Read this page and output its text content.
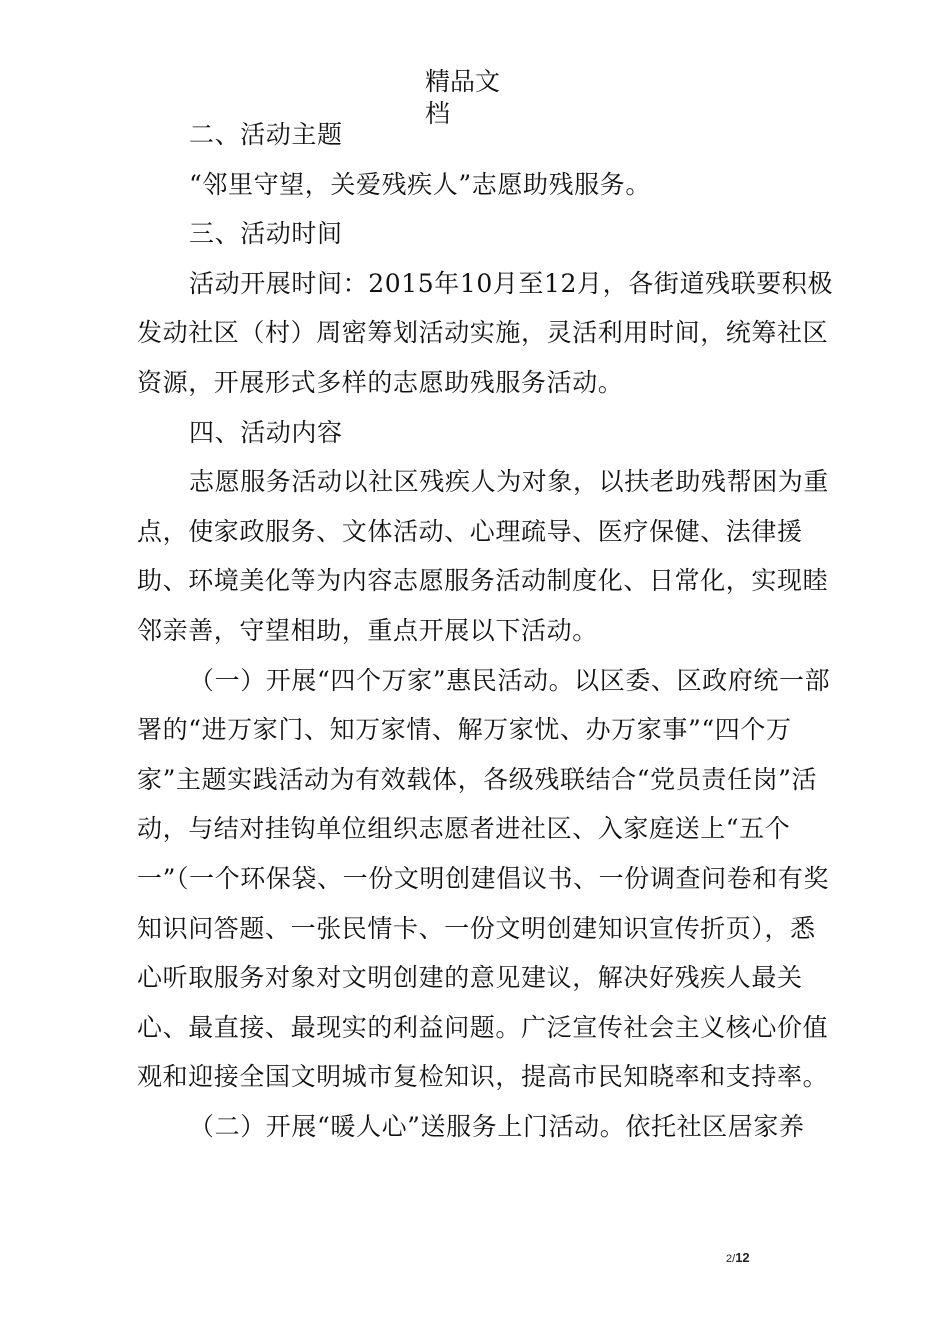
精品文档

二、活动主题

“邻里守望，关爱残疾人”志愿助残服务。

三、活动时间

活动开展时间：2015年10月至12月，各街道残联要积极发动社区（村）周密筹划活动实施，灵活利用时间，统筹社区资源，开展形式多样的志愿助残服务活动。

四、活动内容

志愿服务活动以社区残疾人为对象，以扶老助残帮困为重点，使家政服务、文体活动、心理疏导、医疗保健、法律援助、环境美化等为内容志愿服务活动制度化、日常化，实现睦邻亲善，守望相助，重点开展以下活动。

（一）开展“四个万家”惠民活动。以区委、区政府统一部署的“进万家门、知万家情、解万家忧、办万家事”“四个万家”主题实践活动为有效载体，各级残联结合“党员责任岗”活动，与结对挂钩单位组织志愿者进社区、入家庭送上“五个一”（一个环保袋、一份文明创建倡议书、一份调查问卷和有奖知识问答题、一张民情卡、一份文明创建知识宣传折页），悉心听取服务对象对文明创建的意见建议，解决好残疾人最关心、最直接、最现实的利益问题。广泛宣传社会主义核心价值观和迎接全国文明城市复检知识，提高市民知晓率和支持率。

（二）开展“暖人心”送服务上门活动。依托社区居家养

2/12
